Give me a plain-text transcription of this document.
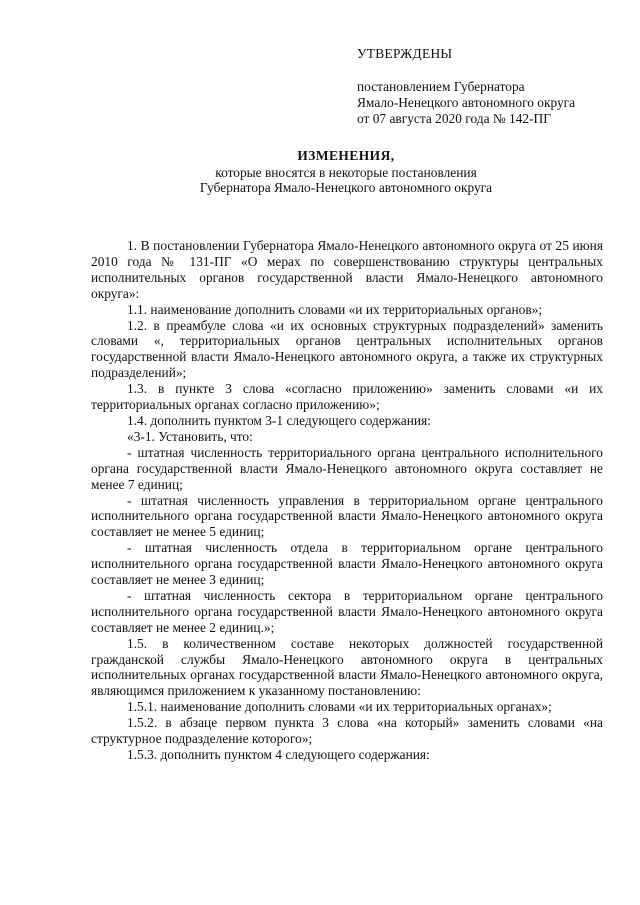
УТВЕРЖДЕНЫ
постановлением Губернатора
Ямало-Ненецкого автономного округа
от 07 августа 2020 года № 142-ПГ
ИЗМЕНЕНИЯ,
которые вносятся в некоторые постановления
Губернатора Ямало-Ненецкого автономного округа

1. В постановлении Губернатора Ямало-Ненецкого автономного округа от 25 июня 2010 года № 131-ПГ «О мерах по совершенствованию структуры центральных исполнительных органов государственной власти Ямало-Ненецкого автономного округа»:

1.1. наименование дополнить словами «и их территориальных органов»;

1.2. в преамбуле слова «и их основных структурных подразделений» заменить словами «, территориальных органов центральных исполнительных органов государственной власти Ямало-Ненецкого автономного округа, а также их структурных подразделений»;

1.3. в пункте 3 слова «согласно приложению» заменить словами «и их территориальных органах согласно приложению»;

1.4. дополнить пунктом 3-1 следующего содержания:

«3-1. Установить, что:

- штатная численность территориального органа центрального исполнительного органа государственной власти Ямало-Ненецкого автономного округа составляет не менее 7 единиц;

- штатная численность управления в территориальном органе центрального исполнительного органа государственной власти Ямало-Ненецкого автономного округа составляет не менее 5 единиц;

- штатная численность отдела в территориальном органе центрального исполнительного органа государственной власти Ямало-Ненецкого автономного округа составляет не менее 3 единиц;

- штатная численность сектора в территориальном органе центрального исполнительного органа государственной власти Ямало-Ненецкого автономного округа составляет не менее 2 единиц.»;

1.5. в количественном составе некоторых должностей государственной гражданской службы Ямало-Ненецкого автономного округа в центральных исполнительных органах государственной власти Ямало-Ненецкого автономного округа, являющимся приложением к указанному постановлению:

1.5.1. наименование дополнить словами «и их территориальных органах»;

1.5.2. в абзаце первом пункта 3 слова «на который» заменить словами «на структурное подразделение которого»;

1.5.3. дополнить пунктом 4 следующего содержания:
